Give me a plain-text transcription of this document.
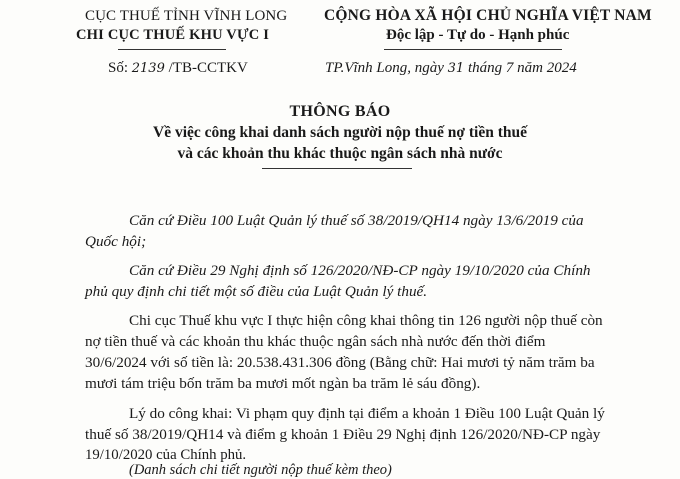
CỤC THUẾ TỈNH VĨNH LONG
CHI CỤC THUẾ KHU VỰC I
CỘNG HÒA XÃ HỘI CHỦ NGHĨA VIỆT NAM
Độc lập - Tự do - Hạnh phúc
Số: 2139 /TB-CCTKV	TP.Vĩnh Long, ngày 31 tháng 7 năm 2024
THÔNG BÁO
Về việc công khai danh sách người nộp thuế nợ tiền thuế
và các khoản thu khác thuộc ngân sách nhà nước
Căn cứ Điều 100 Luật Quản lý thuế số 38/2019/QH14 ngày 13/6/2019 của
Quốc hội;
Căn cứ Điều 29 Nghị định số 126/2020/NĐ-CP ngày 19/10/2020 của Chính
phủ quy định chi tiết một số điều của Luật Quản lý thuế.
Chi cục Thuế khu vực I thực hiện công khai thông tin 126 người nộp thuế còn
nợ tiền thuế và các khoản thu khác thuộc ngân sách nhà nước đến thời điểm
30/6/2024 với số tiền là: 20.538.431.306 đồng (Bằng chữ: Hai mươi tỷ năm trăm ba
mươi tám triệu bốn trăm ba mươi mốt ngàn ba trăm lẻ sáu đồng).
Lý do công khai: Vi phạm quy định tại điểm a khoản 1 Điều 100 Luật Quản lý
thuế số 38/2019/QH14 và điểm g khoản 1 Điều 29 Nghị định 126/2020/NĐ-CP ngày
19/10/2020 của Chính phủ.
(Danh sách chi tiết người nộp thuế kèm theo)
